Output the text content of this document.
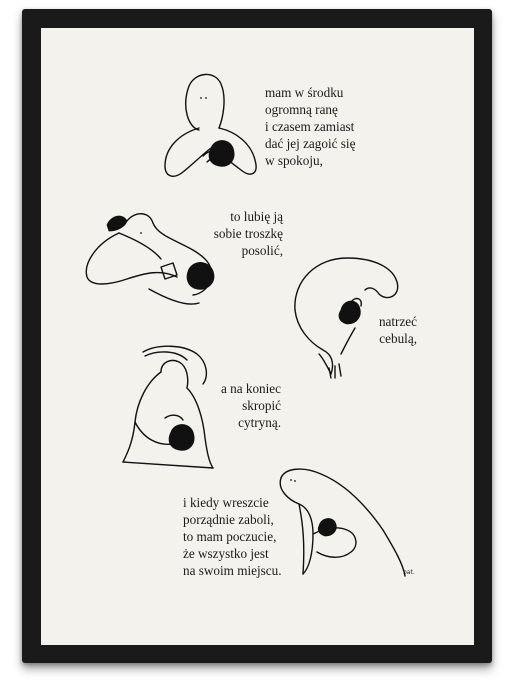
mam w środku
ogromną ranę
i czasem zamiast
dać jej zagoić się
w spokoju,

to lubię ją
sobie troszkę
posolić,

natrzeć
cebulą,

a na koniec
skropić
cytryną.

i kiedy wreszcie
porządnie zaboli,
to mam poczucie,
że wszystko jest
na swoim miejscu.	bat.
